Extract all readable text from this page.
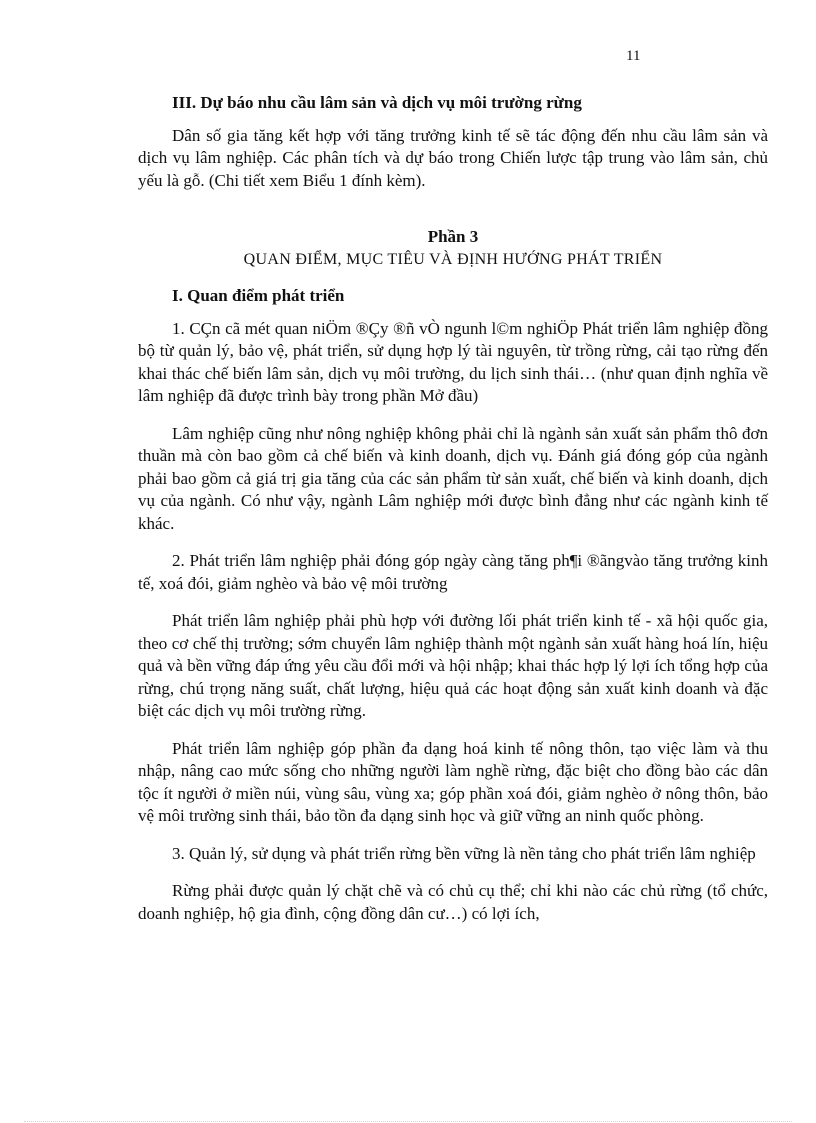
11
III. Dự báo nhu cầu lâm sản và dịch vụ môi trường rừng

Dân số gia tăng kết hợp với tăng trưởng kinh tế sẽ tác động đến nhu cầu lâm sản và dịch vụ lâm nghiệp. Các phân tích và dự báo trong Chiến lược tập trung vào lâm sản, chủ yếu là gỗ. (Chi tiết xem Biểu 1 đính kèm).

Phần 3
QUAN ĐIỂM, MỤC TIÊU VÀ ĐỊNH HƯỚNG PHÁT TRIỂN
I. Quan điểm phát triển

1. CÇn cã mét quan niÖm ®Çy ®ñ vÒ ngunh l©m nghiÖp Phát triển lâm nghiệp đồng bộ từ quản lý, bảo vệ, phát triển, sử dụng hợp lý tài nguyên, từ trồng rừng, cải tạo rừng đến khai thác chế biến lâm sản, dịch vụ môi trường, du lịch sinh thái… (như quan định nghĩa về lâm nghiệp đã được trình bày trong phần Mở đầu)

Lâm nghiệp cũng như nông nghiệp không phải chỉ là ngành sản xuất sản phẩm thô đơn thuần mà còn bao gồm cả chế biến và kinh doanh, dịch vụ. Đánh giá đóng góp của ngành phải bao gồm cả giá trị gia tăng của các sản phẩm từ sản xuất, chế biến và kinh doanh, dịch vụ của ngành. Có như vậy, ngành Lâm nghiệp mới được bình đẳng như các ngành kinh tế khác.

2. Phát triển lâm nghiệp phải đóng góp ngày càng tăng ph¶i ®ãngvào tăng trưởng kinh tế, xoá đói, giảm nghèo và bảo vệ môi trường

Phát triển lâm nghiệp phải phù hợp với đường lối phát triển kinh tế - xã hội quốc gia, theo cơ chế thị trường; sớm chuyển lâm nghiệp thành một ngành sản xuất hàng hoá lín, hiệu quả và bền vững đáp ứng yêu cầu đổi mới và hội nhập; khai thác hợp lý lợi ích tổng hợp của rừng, chú trọng năng suất, chất lượng, hiệu quả các hoạt động sản xuất kinh doanh và đặc biệt các dịch vụ môi trường rừng.

Phát triển lâm nghiệp góp phần đa dạng hoá kinh tế nông thôn, tạo việc làm và thu nhập, nâng cao mức sống cho những người làm nghề rừng, đặc biệt cho đồng bào các dân tộc ít người ở miền núi, vùng sâu, vùng xa; góp phần xoá đói, giảm nghèo ở nông thôn, bảo vệ môi trường sinh thái, bảo tồn đa dạng sinh học và giữ vững an ninh quốc phòng.

3. Quản lý, sử dụng và phát triển rừng bền vững là nền tảng cho phát triển lâm nghiệp

Rừng phải được quản lý chặt chẽ và có chủ cụ thể; chỉ khi nào các chủ rừng (tổ chức, doanh nghiệp, hộ gia đình, cộng đồng dân cư…) có lợi ích,
